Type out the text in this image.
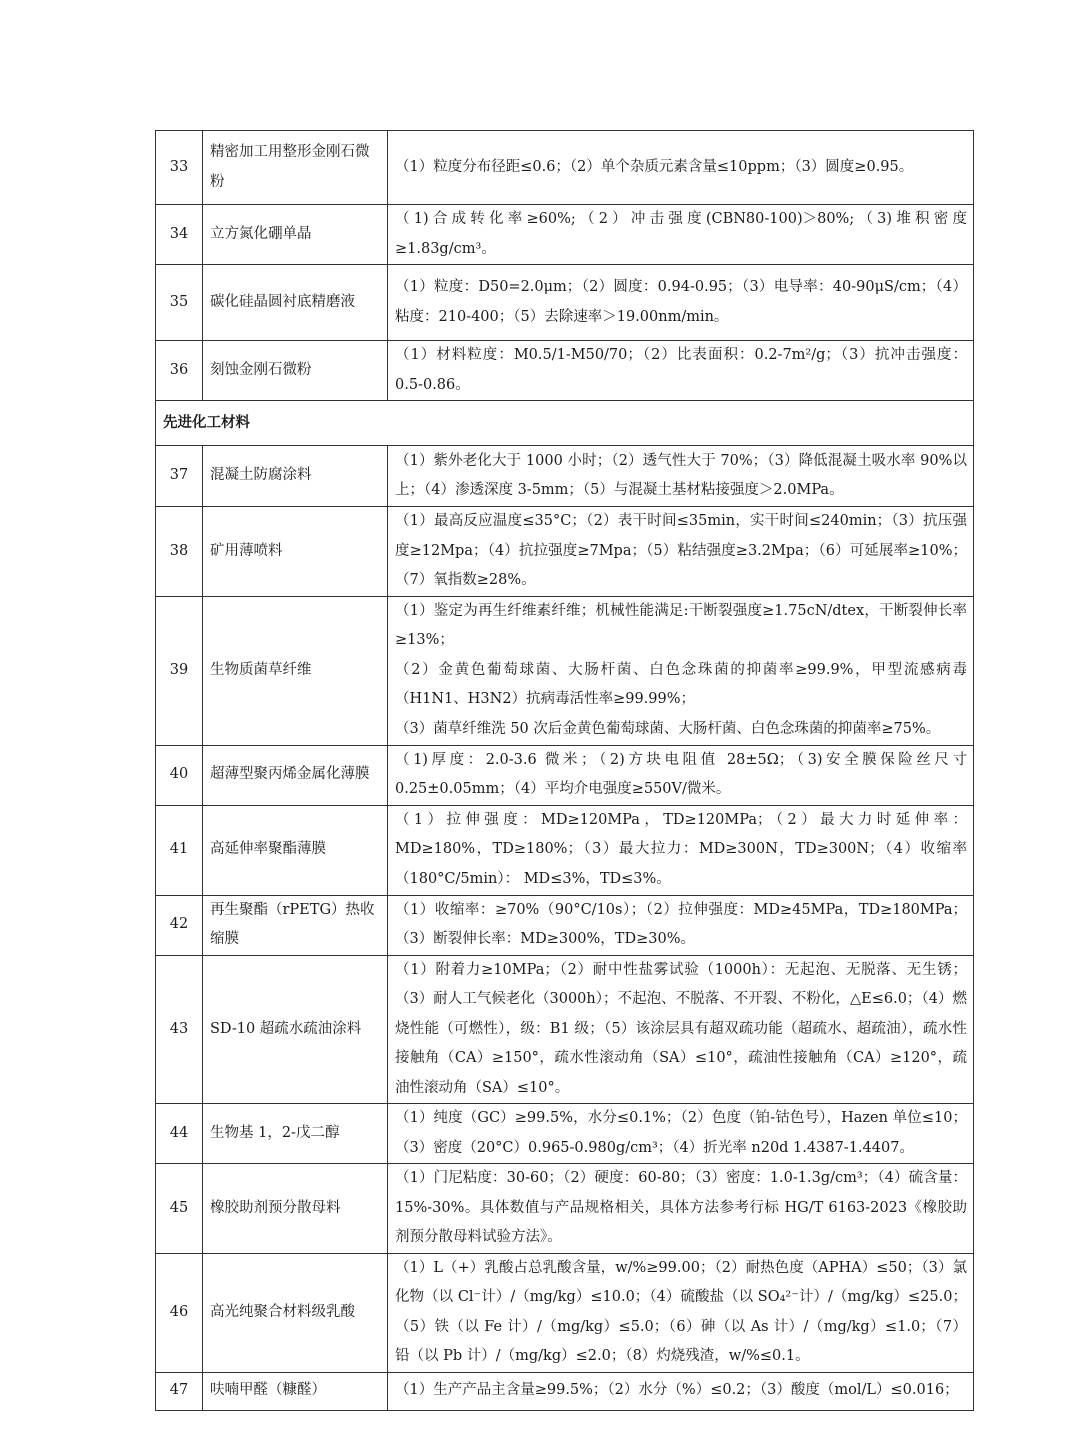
33	精密加工用整形金刚石微粉	（1）粒度分布径距≤0.6；（2）单个杂质元素含量≤10ppm；（3）圆度≥0.95。

34	立方氮化硼单晶	（1)合成转化率≥60%;（2）冲击强度(CBN80-100)＞80%;（3)堆积密度≥1.83g/cm³。

35	碳化硅晶圆衬底精磨液	（1）粒度：D50=2.0μm；（2）圆度：0.94-0.95；（3）电导率：40-90μS/cm；（4）粘度：210-400；（5）去除速率＞19.00nm/min。

36	刻蚀金刚石微粉	（1）材料粒度：M0.5/1-M50/70；（2）比表面积：0.2-7m²/g；（3）抗冲击强度：0.5-0.86。

先进化工材料		
37	混凝土防腐涂料	（1）紫外老化大于 1000 小时；（2）透气性大于 70%；（3）降低混凝土吸水率 90%以上；（4）渗透深度 3-5mm；（5）与混凝土基材粘接强度＞2.0MPa。

38	矿用薄喷料	（1）最高反应温度≤35°C；（2）表干时间≤35min，实干时间≤240min；（3）抗压强度≥12Mpa；（4）抗拉强度≥7Mpa；（5）粘结强度≥3.2Mpa；（6）可延展率≥10%；（7）氧指数≥28%。

39	生物质菌草纤维	（1）鉴定为再生纤维素纤维；机械性能满足:干断裂强度≥1.75cN/dtex，干断裂伸长率≥13%；
（2）金黄色葡萄球菌、大肠杆菌、白色念珠菌的抑菌率≥99.9%，甲型流感病毒（H1N1、H3N2）抗病毒活性率≥99.99%；
（3）菌草纤维洗 50 次后金黄色葡萄球菌、大肠杆菌、白色念珠菌的抑菌率≥75%。

40	超薄型聚丙烯金属化薄膜	（1)厚度：2.0-3.6 微米；（2)方块电阻值 28±5Ω；（3)安全膜保险丝尺寸 0.25±0.05mm；（4）平均介电强度≥550V/微米。

41	高延伸率聚酯薄膜	（1）拉伸强度：MD≥120MPa，TD≥120MPa；（2）最大力时延伸率：MD≥180%，TD≥180%；（3）最大拉力：MD≥300N，TD≥300N；（4）收缩率（180°C/5min）： MD≤3%，TD≤3%。

42	再生聚酯（rPETG）热收缩膜	（1）收缩率：≥70%（90°C/10s）；（2）拉伸强度：MD≥45MPa，TD≥180MPa；（3）断裂伸长率：MD≥300%，TD≥30%。

43	SD-10 超疏水疏油涂料	（1）附着力≥10MPa；（2）耐中性盐雾试验（1000h）：无起泡、无脱落、无生锈；（3）耐人工气候老化（3000h）；不起泡、不脱落、不开裂、不粉化，△E≤6.0；（4）燃烧性能（可燃性），级：B1 级；（5）该涂层具有超双疏功能（超疏水、超疏油），疏水性接触角（CA）≥150°，疏水性滚动角（SA）≤10°，疏油性接触角（CA）≥120°，疏油性滚动角（SA）≤10°。

44	生物基 1，2-戊二醇	（1）纯度（GC）≥99.5%，水分≤0.1%；（2）色度（铂-钴色号），Hazen 单位≤10；（3）密度（20°C）0.965-0.980g/cm³；（4）折光率 n20d 1.4387-1.4407。

45	橡胶助剂预分散母料	（1）门尼粘度：30-60；（2）硬度：60-80；（3）密度：1.0-1.3g/cm³；（4）硫含量：15%-30%。具体数值与产品规格相关，具体方法参考行标 HG/T 6163-2023《橡胶助剂预分散母料试验方法》。

46	高光纯聚合材料级乳酸	（1）L（+）乳酸占总乳酸含量，w/%≥99.00；（2）耐热色度（APHA）≤50；（3）氯化物（以 Cl⁻计）/（mg/kg）≤10.0；（4）硫酸盐（以 SO₄²⁻计）/（mg/kg）≤25.0；（5）铁（以 Fe 计）/（mg/kg）≤5.0；（6）砷（以 As 计）/（mg/kg）≤1.0；（7）铅（以 Pb 计）/（mg/kg）≤2.0；（8）灼烧残渣，w/%≤0.1。

47	呋喃甲醛（糠醛）	（1）生产产品主含量≥99.5%；（2）水分（%）≤0.2；（3）酸度（mol/L）≤0.016；
